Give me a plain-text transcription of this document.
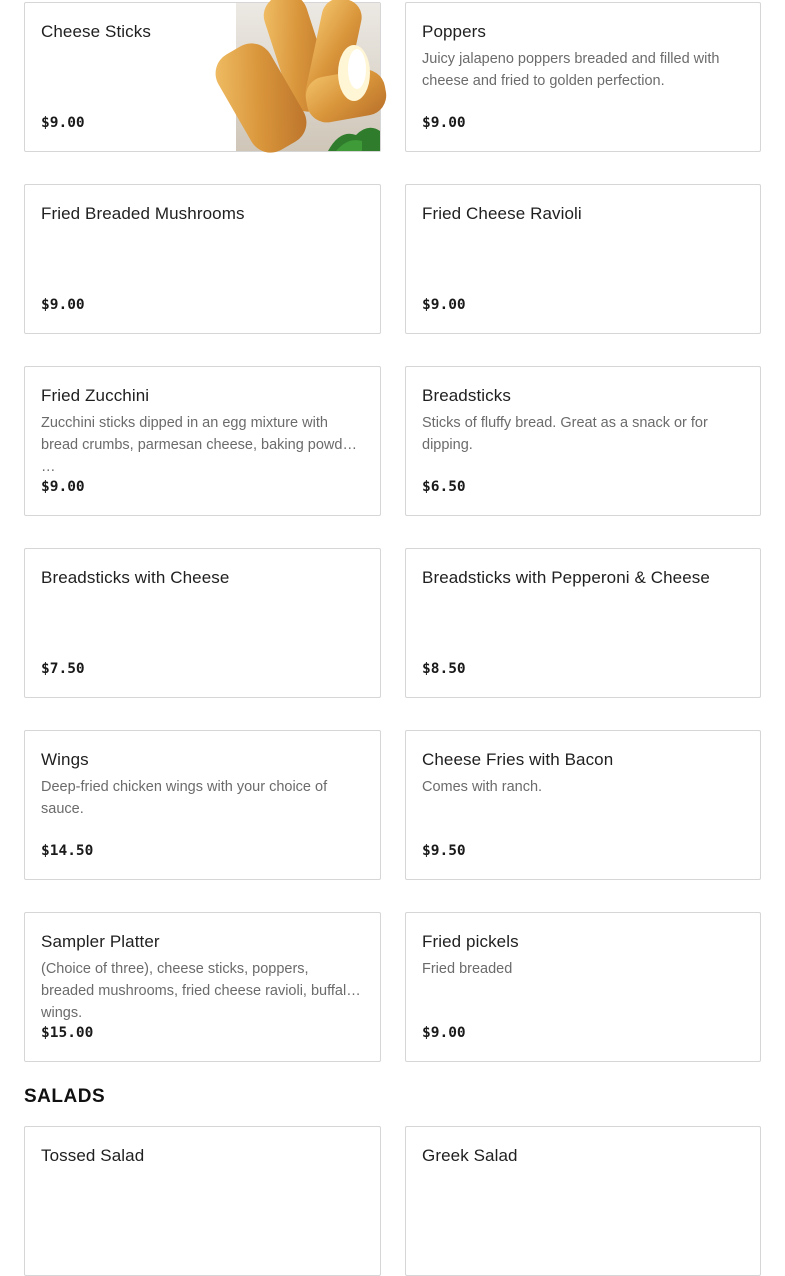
Cheese Sticks
$9.00
Poppers
Juicy jalapeno poppers breaded and filled with cheese and fried to golden perfection.
$9.00
Fried Breaded Mushrooms
$9.00
Fried Cheese Ravioli
$9.00
Fried Zucchini
Zucchini sticks dipped in an egg mixture with bread crumbs, parmesan cheese, baking powder, …
$9.00
Breadsticks
Sticks of fluffy bread. Great as a snack or for dipping.
$6.50
Breadsticks with Cheese
$7.50
Breadsticks with Pepperoni & Cheese
$8.50
Wings
Deep-fried chicken wings with your choice of sauce.
$14.50
Cheese Fries with Bacon
Comes with ranch.
$9.50
Sampler Platter
(Choice of three), cheese sticks, poppers, breaded mushrooms, fried cheese ravioli, buffalo wings.
$15.00
Fried pickels
Fried breaded
$9.00
SALADS
Tossed Salad	Greek Salad
